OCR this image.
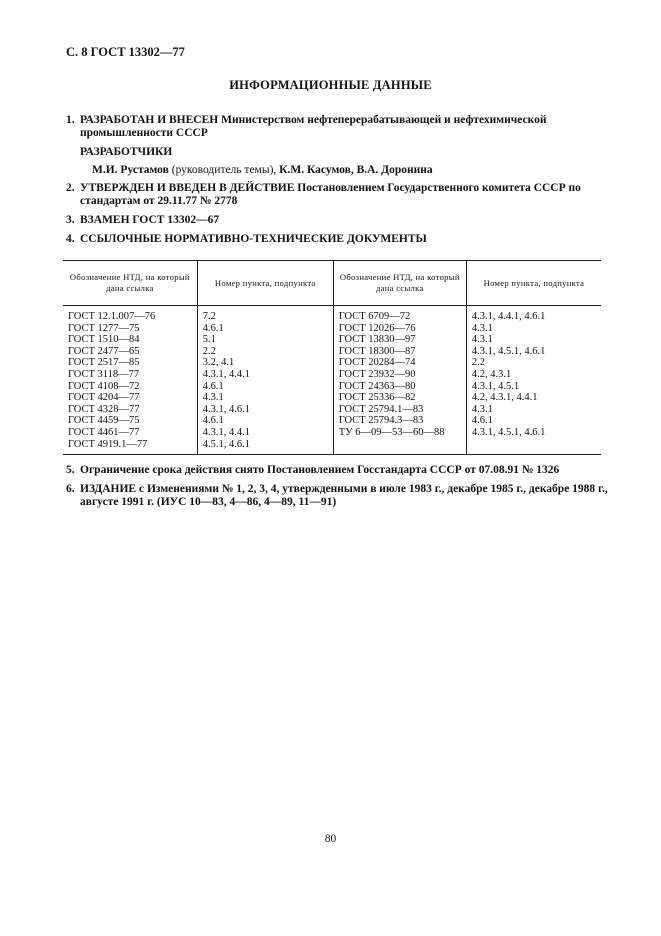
С. 8 ГОСТ 13302—77
ИНФОРМАЦИОННЫЕ ДАННЫЕ
1. РАЗРАБОТАН И ВНЕСЕН Министерством нефтеперерабатывающей и нефтехимической промышленности СССР
РАЗРАБОТЧИКИ
М.И. Рустамов (руководитель темы), К.М. Касумов, В.А. Доронина
2. УТВЕРЖДЕН И ВВЕДЕН В ДЕЙСТВИЕ Постановлением Государственного комитета СССР по стандартам от 29.11.77 № 2778
3. ВЗАМЕН ГОСТ 13302—67
4. ССЫЛОЧНЫЕ НОРМАТИВНО-ТЕХНИЧЕСКИЕ ДОКУМЕНТЫ
Обозначение НТД, на который дана ссылка	Номер пункта, подпункта	Обозначение НТД, на который дана ссылка	Номер пункта, подпункта
ГОСТ 12.1.007—76	7.2	ГОСТ 6709—72	4.3.1, 4.4.1, 4.6.1
ГОСТ 1277—75	4.6.1	ГОСТ 12026—76	4.3.1
ГОСТ 1510—84	5.1	ГОСТ 13830—97	4.3.1
ГОСТ 2477—65	2.2	ГОСТ 18300—87	4.3.1, 4.5.1, 4.6.1
ГОСТ 2517—85	3.2, 4.1	ГОСТ 20284—74	2.2
ГОСТ 3118—77	4.3.1, 4.4.1	ГОСТ 23932—90	4.2, 4.3.1
ГОСТ 4108—72	4.6.1	ГОСТ 24363—80	4.3.1, 4.5.1
ГОСТ 4204—77	4.3.1	ГОСТ 25336—82	4.2, 4.3.1, 4.4.1
ГОСТ 4328—77	4.3.1, 4.6.1	ГОСТ 25794.1—83	4.3.1
ГОСТ 4459—75	4.6.1	ГОСТ 25794.3—83	4.6.1
ГОСТ 4461—77	4.3.1, 4.4.1	ТУ 6—09—53—60—88	4.3.1, 4.5.1, 4.6.1
ГОСТ 4919.1—77	4.5.1, 4.6.1		
5. Ограничение срока действия снято Постановлением Госстандарта СССР от 07.08.91 № 1326
6. ИЗДАНИЕ с Изменениями № 1, 2, 3, 4, утвержденными в июле 1983 г., декабре 1985 г., декабре 1988 г., августе 1991 г. (ИУС 10—83, 4—86, 4—89, 11—91)
80
